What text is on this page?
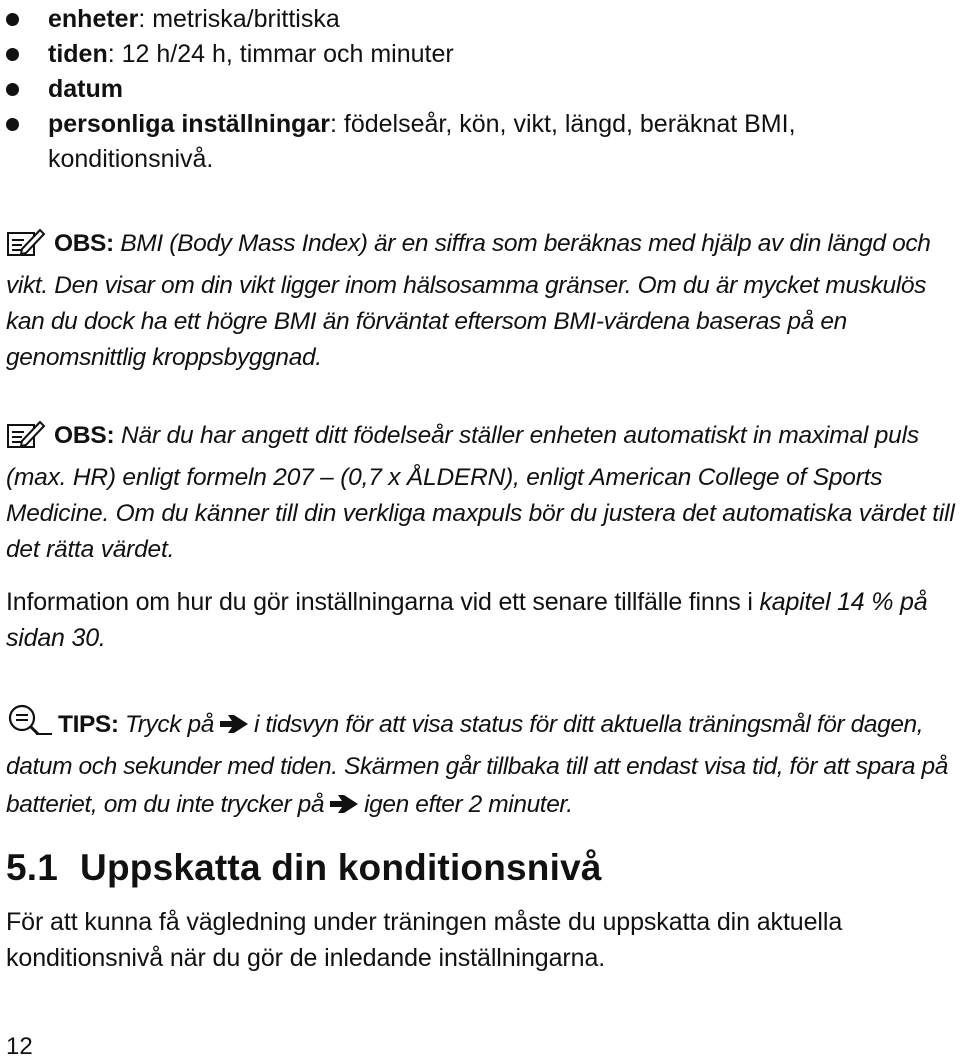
enheter: metriska/brittiska
tiden: 12 h/24 h, timmar och minuter
datum
personliga inställningar: födelseår, kön, vikt, längd, beräknat BMI, konditionsnivå.

OBS: BMI (Body Mass Index) är en siffra som beräknas med hjälp av din längd och vikt. Den visar om din vikt ligger inom hälsosamma gränser. Om du är mycket muskulös kan du dock ha ett högre BMI än förväntat eftersom BMI-värdena baseras på en genomsnittlig kroppsbyggnad.

OBS: När du har angett ditt födelseår ställer enheten automatiskt in maximal puls (max. HR) enligt formeln 207 – (0,7 x ÅLDERN), enligt American College of Sports Medicine. Om du känner till din verkliga maxpuls bör du justera det automatiska värdet till det rätta värdet.

Information om hur du gör inställningarna vid ett senare tillfälle finns i kapitel 14 % på sidan 30.

TIPS: Tryck på i tidsvyn för att visa status för ditt aktuella träningsmål för dagen, datum och sekunder med tiden. Skärmen går tillbaka till att endast visa tid, för att spara på batteriet, om du inte trycker på igen efter 2 minuter.

5.1 Uppskatta din konditionsnivå

För att kunna få vägledning under träningen måste du uppskatta din aktuella konditionsnivå när du gör de inledande inställningarna.

12
